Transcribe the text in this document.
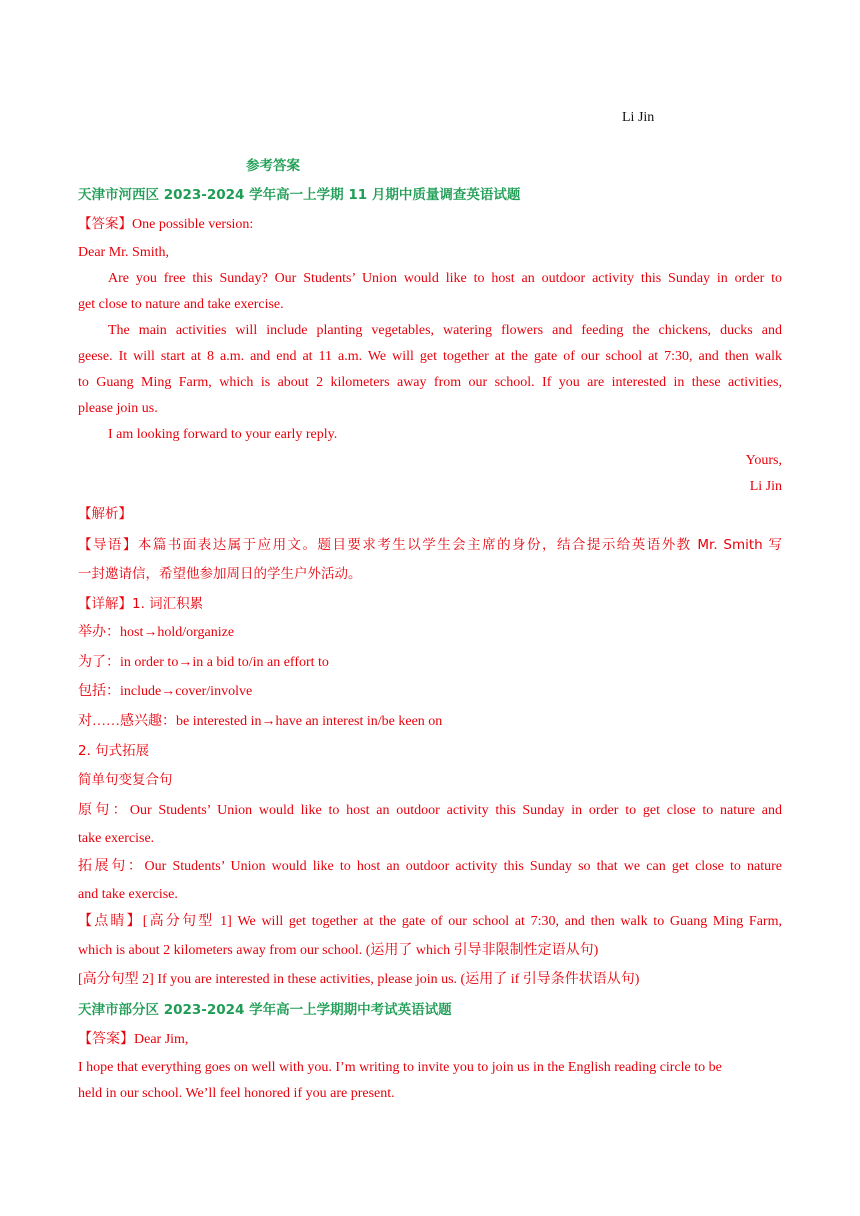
Li Jin
参考答案
天津市河西区 2023-2024 学年高一上学期 11 月期中质量调查英语试题
【答案】One possible version:
Dear Mr. Smith,
Are you free this Sunday? Our Students’ Union would like to host an outdoor activity this Sunday in order to
get close to nature and take exercise.
The main activities will include planting vegetables, watering flowers and feeding the chickens, ducks and
geese. It will start at 8 a.m. and end at 11 a.m. We will get together at the gate of our school at 7:30, and then walk
to Guang Ming Farm, which is about 2 kilometers away from our school. If you are interested in these activities,
please join us.
I am looking forward to your early reply.
Yours,
Li Jin
【解析】
【导语】本篇书面表达属于应用文。题目要求考生以学生会主席的身份，结合提示给英语外教 Mr. Smith 写
一封邀请信，希望他参加周日的学生户外活动。
【详解】1. 词汇积累
举办：host→hold/organize
为了：in order to→in a bid to/in an effort to
包括：include→cover/involve
对……感兴趣：be interested in→have an interest in/be keen on
2. 句式拓展
简单句变复合句
原句：Our Students’ Union would like to host an outdoor activity this Sunday in order to get close to nature and
take exercise.
拓展句：Our Students’ Union would like to host an outdoor activity this Sunday so that we can get close to nature
and take exercise.
【点睛】[高分句型 1] We will get together at the gate of our school at 7:30, and then walk to Guang Ming Farm,
which is about 2 kilometers away from our school. (运用了 which 引导非限制性定语从句)
[高分句型 2] If you are interested in these activities, please join us. (运用了 if 引导条件状语从句)
天津市部分区 2023-2024 学年高一上学期期中考试英语试题
【答案】Dear Jim,
I hope that everything goes on well with you. I’m writing to invite you to join us in the English reading circle to be
held in our school. We’ll feel honored if you are present.
